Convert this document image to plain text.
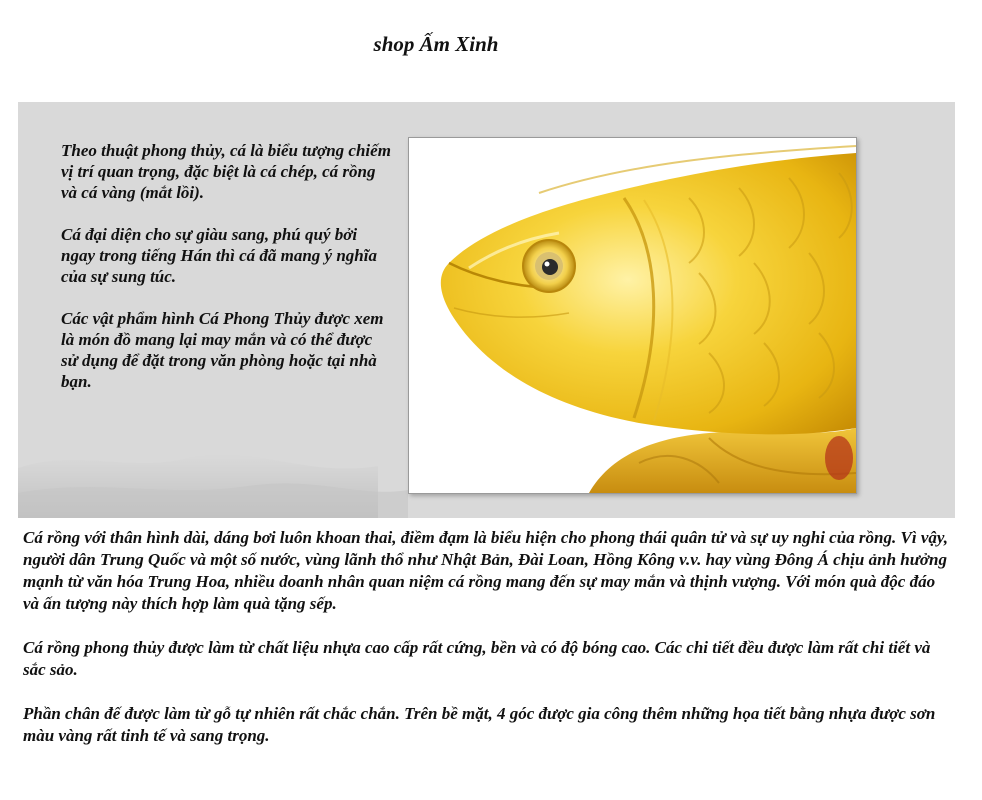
shop Ấm Xinh

Theo thuật phong thủy, cá là biểu tượng chiếm vị trí quan trọng, đặc biệt là cá chép, cá rồng và cá vàng (mắt lồi).

Cá đại diện cho sự giàu sang, phú quý bởi ngay trong tiếng Hán thì cá đã mang ý nghĩa của sự sung túc.

Các vật phẩm hình Cá Phong Thủy được xem là món đồ mang lại may mắn và có thể được sử dụng để đặt trong văn phòng hoặc tại nhà bạn.

Cá rồng với thân hình dài, dáng bơi luôn khoan thai, điềm đạm là biểu hiện cho phong thái quân tử và sự uy nghi của rồng. Vì vậy, người dân Trung Quốc và một số nước, vùng lãnh thổ như Nhật Bản, Đài Loan, Hồng Kông v.v. hay vùng Đông Á chịu ảnh hưởng mạnh từ văn hóa Trung Hoa, nhiều doanh nhân quan niệm cá rồng mang đến sự may mắn và thịnh vượng. Với món quà độc đáo và ấn tượng này thích hợp làm quà tặng sếp.

Cá rồng phong thủy được làm từ chất liệu nhựa cao cấp rất cứng, bền và có độ bóng cao. Các chi tiết đều được làm rất chi tiết và sắc sảo.

Phần chân đế được làm từ gỗ tự nhiên rất chắc chắn. Trên bề mặt, 4 góc được gia công thêm những họa tiết bằng nhựa được sơn màu vàng rất tinh tế và sang trọng.
